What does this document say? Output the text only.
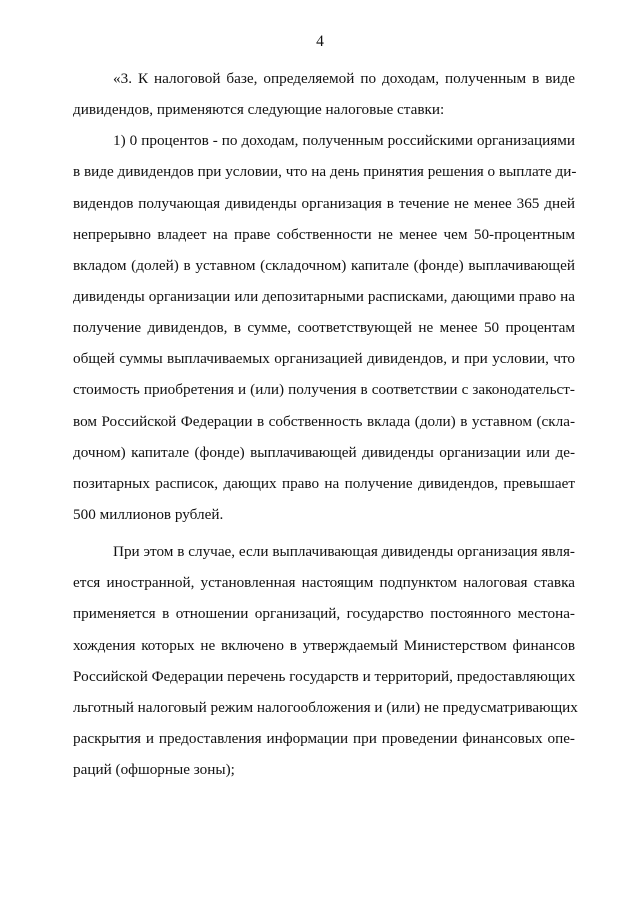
4
«3. К налоговой базе, определяемой по доходам, полученным в виде
дивидендов, применяются следующие налоговые ставки:
1) 0 процентов - по доходам, полученным российскими организациями
в виде дивидендов при условии, что на день принятия решения о выплате ди-
видендов получающая дивиденды организация в течение не менее 365 дней
непрерывно владеет на праве собственности не менее чем 50-процентным
вкладом (долей) в уставном (складочном) капитале (фонде) выплачивающей
дивиденды организации или депозитарными расписками, дающими право на
получение дивидендов, в сумме, соответствующей не менее 50 процентам
общей суммы выплачиваемых организацией дивидендов, и при условии, что
стоимость приобретения и (или) получения в соответствии с законодательст-
вом Российской Федерации в собственность вклада (доли) в уставном (скла-
дочном) капитале (фонде) выплачивающей дивиденды организации или де-
позитарных расписок, дающих право на получение дивидендов, превышает
500 миллионов рублей.
При этом в случае, если выплачивающая дивиденды организация явля-
ется иностранной, установленная настоящим подпунктом налоговая ставка
применяется в отношении организаций, государство постоянного местона-
хождения которых не включено в утверждаемый Министерством финансов
Российской Федерации перечень государств и территорий, предоставляющих
льготный налоговый режим налогообложения и (или) не предусматривающих
раскрытия и предоставления информации при проведении финансовых опе-
раций (офшорные зоны);
